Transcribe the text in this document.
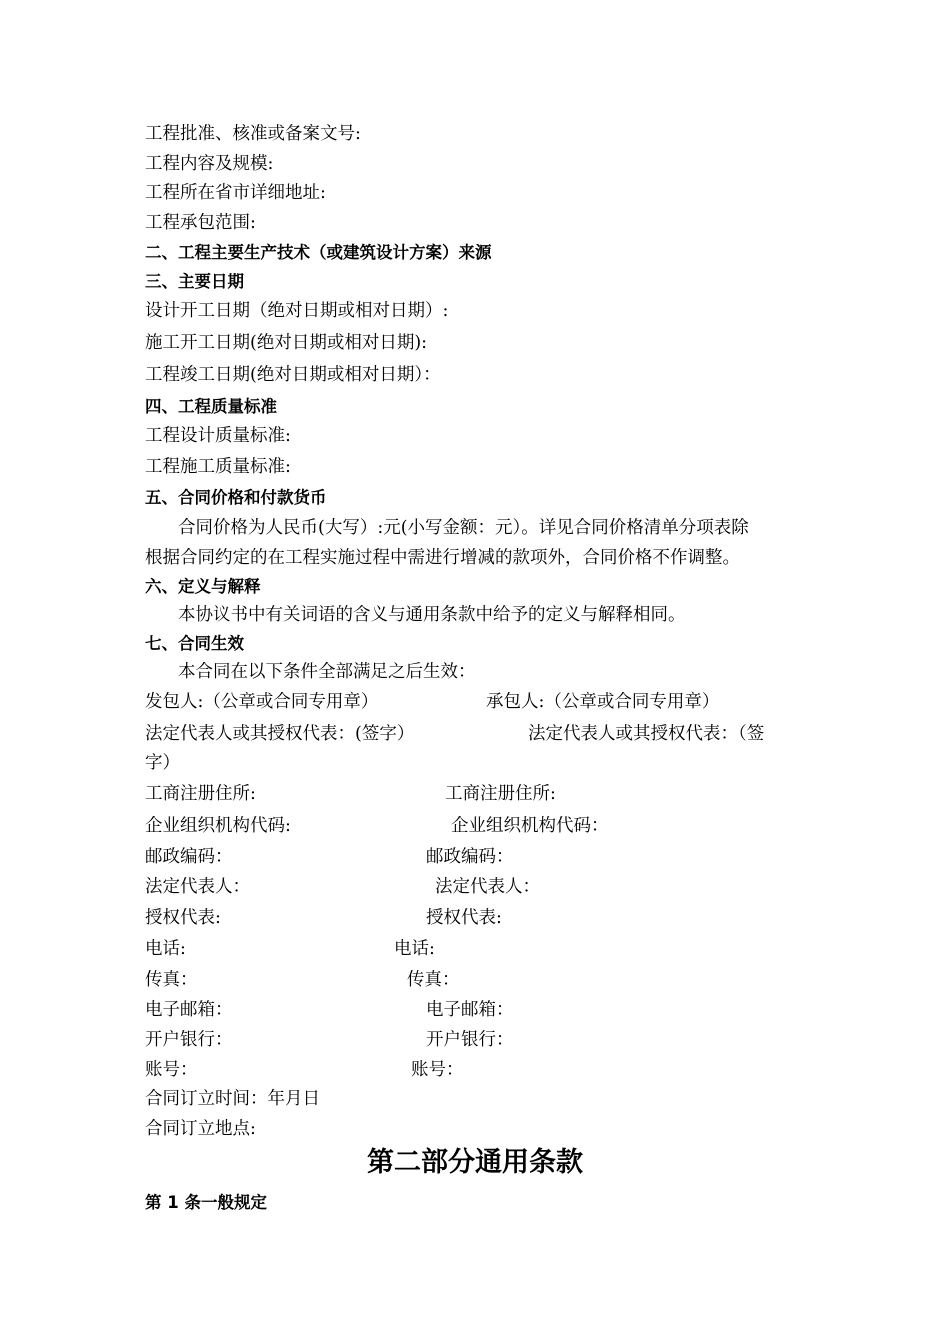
工程批准、核准或备案文号:
工程内容及规模:
工程所在省市详细地址:
工程承包范围:
二、工程主要生产技术（或建筑设计方案）来源
三、主要日期
设计开工日期（绝对日期或相对日期）:
施工开工日期(绝对日期或相对日期):
工程竣工日期(绝对日期或相对日期）：
四、工程质量标准
工程设计质量标准:
工程施工质量标准:
五、合同价格和付款货币
合同价格为人民币(大写）:元(小写金额：元）。详见合同价格清单分项表除
根据合同约定的在工程实施过程中需进行增减的款项外，合同价格不作调整。
六、定义与解释
本协议书中有关词语的含义与通用条款中给予的定义与解释相同。
七、合同生效
本合同在以下条件全部满足之后生效：
发包人:（公章或合同专用章）	承包人:（公章或合同专用章）
法定代表人或其授权代表：(签字）	法定代表人或其授权代表：（签
字）
工商注册住所:	工商注册住所:
企业组织机构代码:	企业组织机构代码：
邮政编码：	邮政编码：
法定代表人：	法定代表人：
授权代表:	授权代表:
电话:	电话:
传真：	传真：
电子邮箱：	电子邮箱：
开户银行：	开户银行：
账号：	账号：
合同订立时间：年月日
合同订立地点:
第二部分通用条款
第 1 条一般规定
